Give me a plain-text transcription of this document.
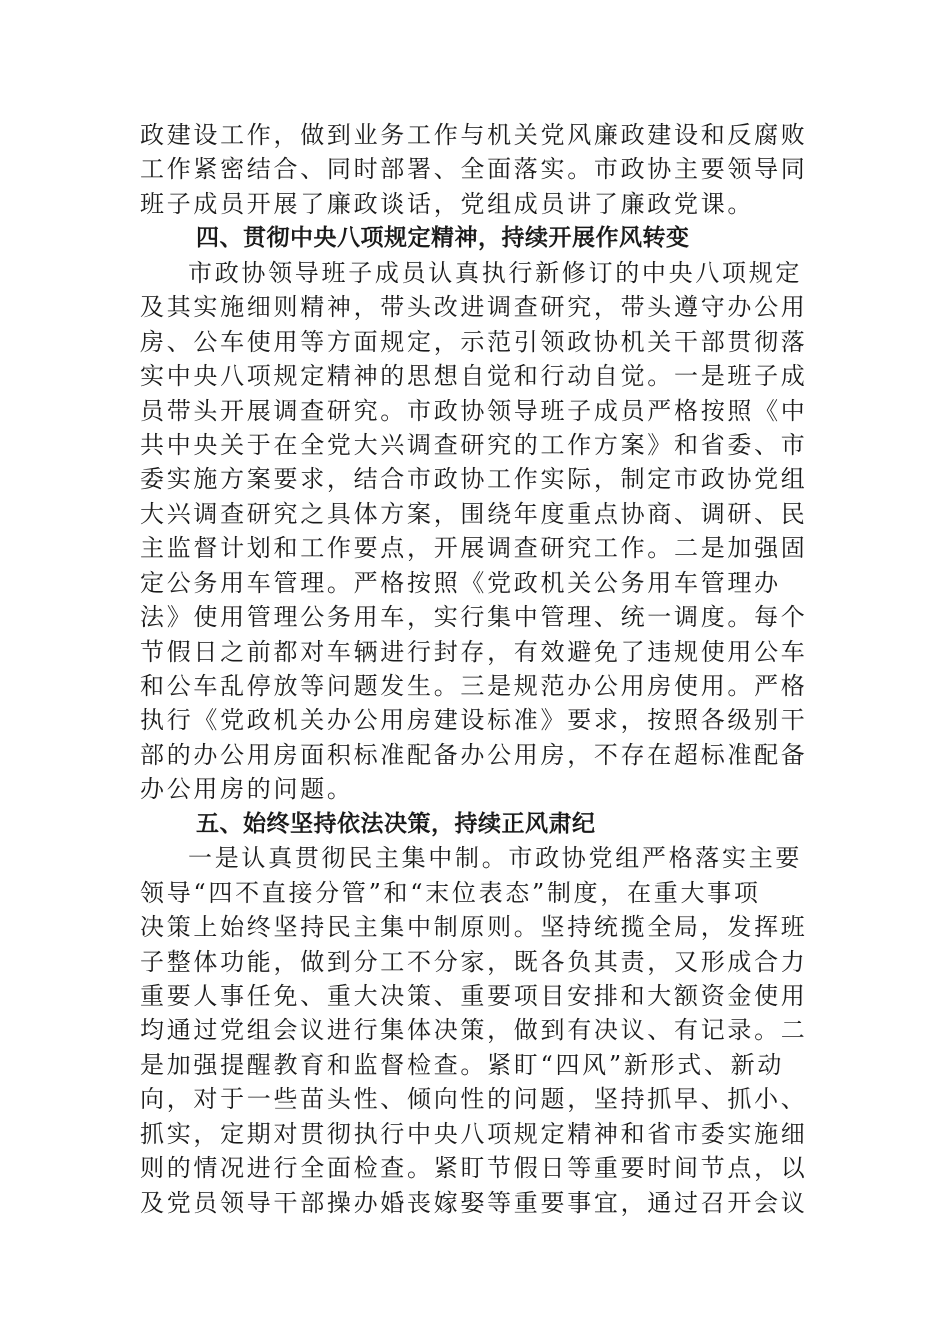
政建设工作，做到业务工作与机关党风廉政建设和反腐败
工作紧密结合、同时部署、全面落实。市政协主要领导同
班子成员开展了廉政谈话，党组成员讲了廉政党课。
四、贯彻中央八项规定精神，持续开展作风转变
市政协领导班子成员认真执行新修订的中央八项规定
及其实施细则精神，带头改进调查研究，带头遵守办公用
房、公车使用等方面规定，示范引领政协机关干部贯彻落
实中央八项规定精神的思想自觉和行动自觉。一是班子成
员带头开展调查研究。市政协领导班子成员严格按照《中
共中央关于在全党大兴调查研究的工作方案》和省委、市
委实施方案要求，结合市政协工作实际，制定市政协党组
大兴调查研究之具体方案，围绕年度重点协商、调研、民
主监督计划和工作要点，开展调查研究工作。二是加强固
定公务用车管理。严格按照《党政机关公务用车管理办
法》使用管理公务用车，实行集中管理、统一调度。每个
节假日之前都对车辆进行封存，有效避免了违规使用公车
和公车乱停放等问题发生。三是规范办公用房使用。严格
执行《党政机关办公用房建设标准》要求，按照各级别干
部的办公用房面积标准配备办公用房，不存在超标准配备
办公用房的问题。
五、始终坚持依法决策，持续正风肃纪
一是认真贯彻民主集中制。市政协党组严格落实主要
领导“四不直接分管”和“末位表态”制度，在重大事项
决策上始终坚持民主集中制原则。坚持统揽全局，发挥班
子整体功能，做到分工不分家，既各负其责，又形成合力
重要人事任免、重大决策、重要项目安排和大额资金使用
均通过党组会议进行集体决策，做到有决议、有记录。二
是加强提醒教育和监督检查。紧盯“四风”新形式、新动
向，对于一些苗头性、倾向性的问题，坚持抓早、抓小、
抓实，定期对贯彻执行中央八项规定精神和省市委实施细
则的情况进行全面检查。紧盯节假日等重要时间节点，以
及党员领导干部操办婚丧嫁娶等重要事宜，通过召开会议
